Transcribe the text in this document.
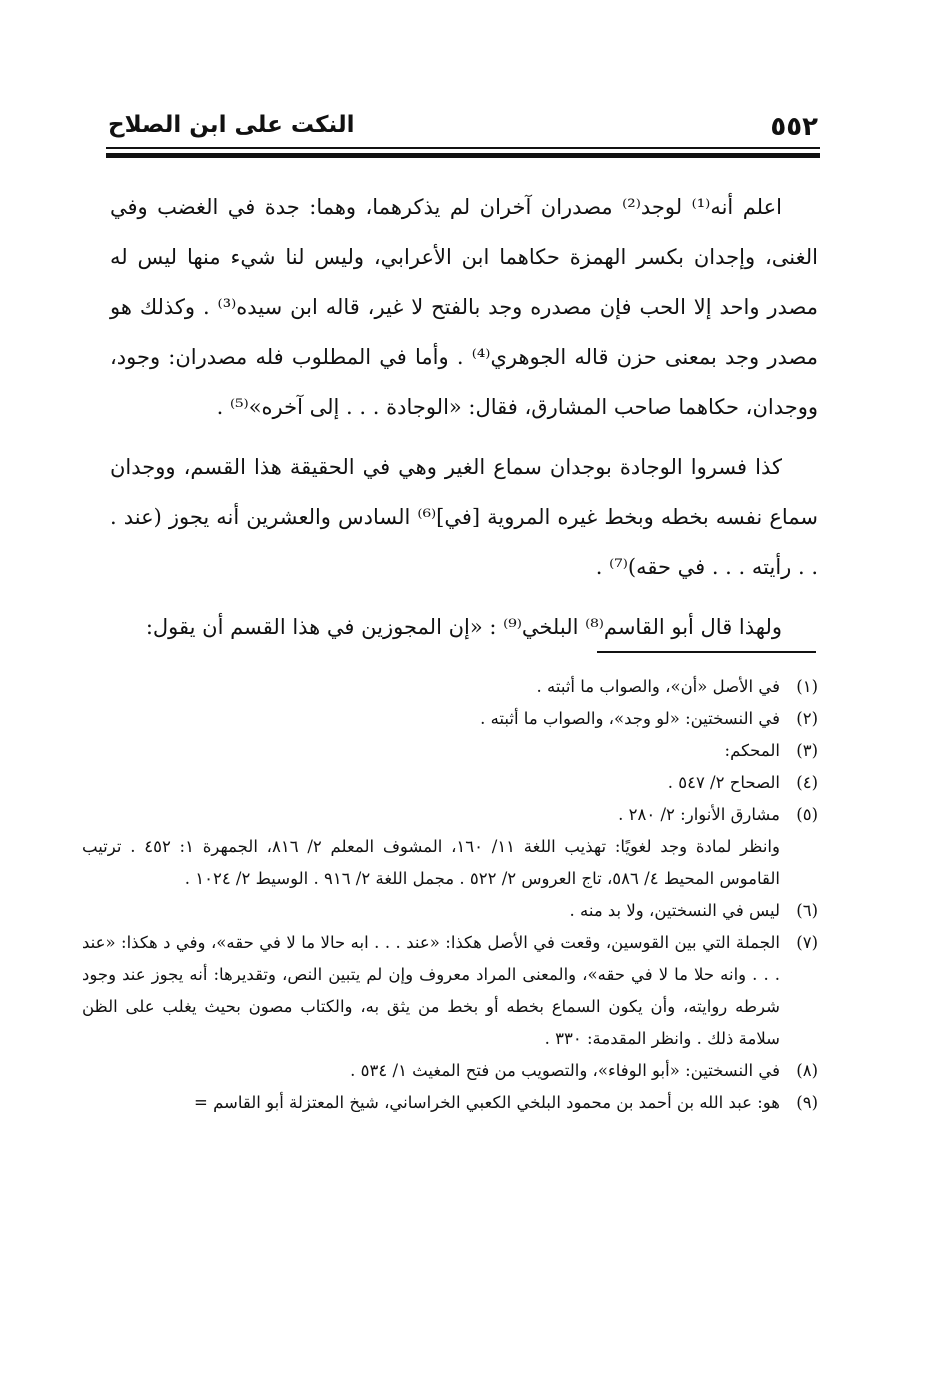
٥٥٢
النكت على ابن الصلاح

اعلم أنه⁽¹⁾ لوجد⁽²⁾ مصدران آخران لم يذكرهما، وهما: جدة في الغضب وفي الغنى، وإجدان بكسر الهمزة حكاهما ابن الأعرابي، وليس لنا شيء منها ليس له مصدر واحد إلا الحب فإن مصدره وجد بالفتح لا غير، قاله ابن سيده⁽³⁾ . وكذلك هو مصدر وجد بمعنى حزن قاله الجوهري⁽⁴⁾ . وأما في المطلوب فله مصدران: وجود، ووجدان، حكاهما صاحب المشارق، فقال: «الوجادة . . . إلى آخره»⁽⁵⁾ .

كذا فسروا الوجادة بوجدان سماع الغير وهي في الحقيقة هذا القسم، ووجدان سماع نفسه بخطه وبخط غيره المروية [في]⁽⁶⁾ السادس والعشرين أنه يجوز (عند . . . رأيته . . . في حقه)⁽⁷⁾ .

ولهذا قال أبو القاسم⁽⁸⁾ البلخي⁽⁹⁾ : «إن المجوزين في هذا القسم أن يقول:

(١)
في الأصل «أن»، والصواب ما أثبته .
(٢)
في النسختين: «لو وجد»، والصواب ما أثبته .
(٣)
المحكم:
(٤)
الصحاح ٢/ ٥٤٧ .
(٥)
مشارق الأنوار: ٢/ ٢٨٠ .
وانظر لمادة وجد لغويًا: تهذيب اللغة ١١/ ١٦٠، المشوف المعلم ٢/ ٨١٦، الجمهرة ١: ٤٥٢ . ترتيب القاموس المحيط ٤/ ٥٨٦، تاج العروس ٢/ ٥٢٢ . مجمل اللغة ٢/ ٩١٦ . الوسيط ٢/ ١٠٢٤ .
(٦)
ليس في النسختين، ولا بد منه .
(٧)
الجملة التي بين القوسين، وقعت في الأصل هكذا: «عند . . . ابه حالا ما لا في حقه»، وفي د هكذا: «عند . . . وانه حلا ما لا في حقه»، والمعنى المراد معروف وإن لم يتبين النص، وتقديرها: أنه يجوز عند وجود شرطه روايته، وأن يكون السماع بخطه أو بخط من يثق به، والكتاب مصون بحيث يغلب على الظن سلامة ذلك . وانظر المقدمة: ٣٣٠ .
(٨)
في النسختين: «أبو الوفاء»، والتصويب من فتح المغيث ١/ ٥٣٤ .
(٩)
هو: عبد الله بن أحمد بن محمود البلخي الكعبي الخراساني، شيخ المعتزلة أبو القاسم =
